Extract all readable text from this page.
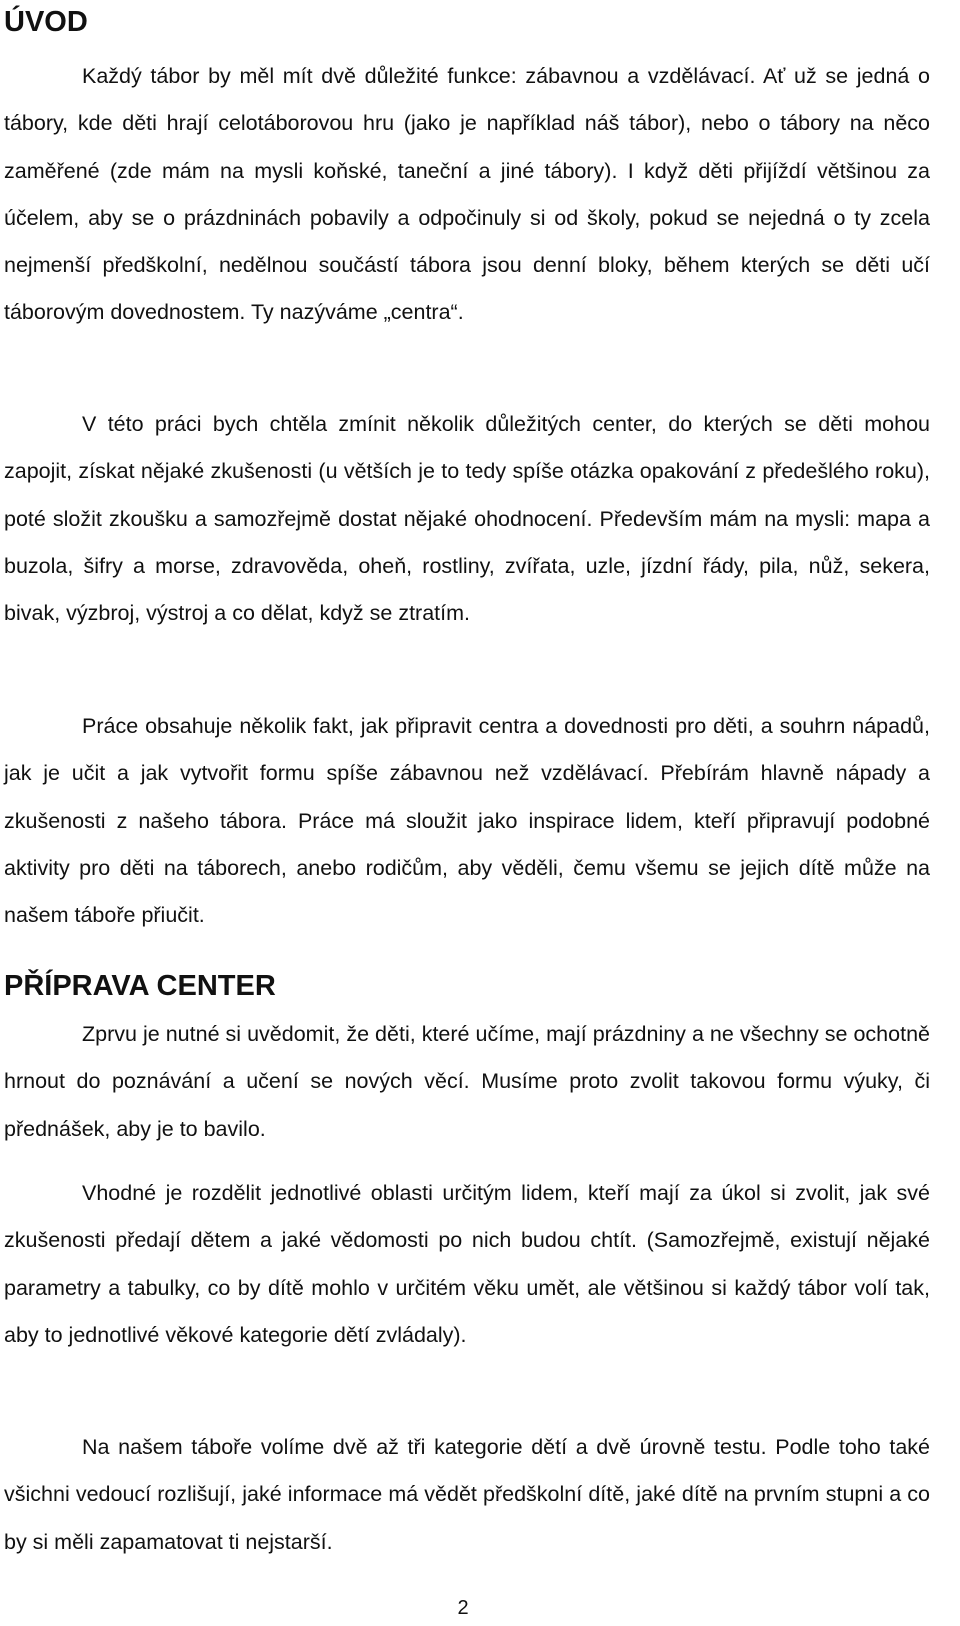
ÚVOD

Každý tábor by měl mít dvě důležité funkce: zábavnou a vzdělávací. Ať už se jedná o tábory, kde děti hrají celotáborovou hru (jako je například náš tábor), nebo o tábory na něco zaměřené (zde mám na mysli koňské, taneční a jiné tábory). I když děti přijíždí většinou za účelem, aby se o prázdninách pobavily a odpočinuly si od školy, pokud se nejedná o ty zcela nejmenší předškolní, nedělnou součástí tábora jsou denní bloky, během kterých se děti učí táborovým dovednostem. Ty nazýváme „centra“.

V této práci bych chtěla zmínit několik důležitých center, do kterých se děti mohou zapojit, získat nějaké zkušenosti (u větších je to tedy spíše otázka opakování z předešlého roku), poté složit zkoušku a samozřejmě dostat nějaké ohodnocení. Především mám na mysli: mapa a buzola, šifry a morse, zdravověda, oheň, rostliny, zvířata, uzle, jízdní řády, pila, nůž, sekera, bivak, výzbroj, výstroj a co dělat, když se ztratím.

Práce obsahuje několik fakt, jak připravit centra a dovednosti pro děti, a souhrn nápadů, jak je učit a jak vytvořit formu spíše zábavnou než vzdělávací. Přebírám hlavně nápady a zkušenosti z našeho tábora. Práce má sloužit jako inspirace lidem, kteří připravují podobné aktivity pro děti na táborech, anebo rodičům, aby věděli, čemu všemu se jejich dítě může na našem táboře přiučit.

PŘÍPRAVA CENTER

Zprvu je nutné si uvědomit, že děti, které učíme, mají prázdniny a ne všechny se ochotně hrnout do poznávání a učení se nových věcí. Musíme proto zvolit takovou formu výuky, či přednášek, aby je to bavilo.

Vhodné je rozdělit jednotlivé oblasti určitým lidem, kteří mají za úkol si zvolit, jak své zkušenosti předají dětem a jaké vědomosti po nich budou chtít. (Samozřejmě, existují nějaké parametry a tabulky, co by dítě mohlo v určitém věku umět, ale většinou si každý tábor volí tak, aby to jednotlivé věkové kategorie dětí zvládaly).

Na našem táboře volíme dvě až tři kategorie dětí a dvě úrovně testu. Podle toho také všichni vedoucí rozlišují, jaké informace má vědět předškolní dítě, jaké dítě na prvním stupni a co by si měli zapamatovat ti nejstarší.

2
